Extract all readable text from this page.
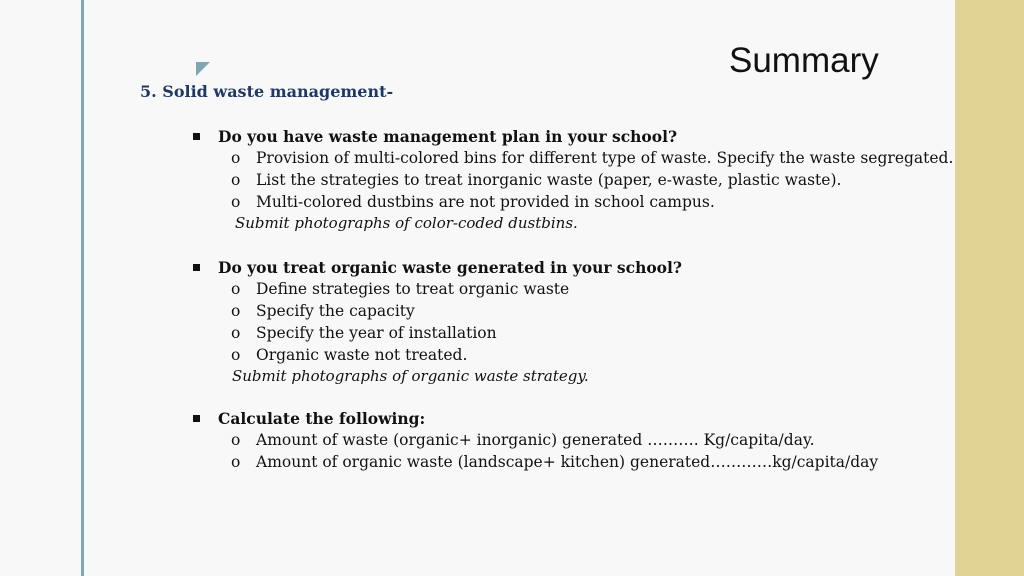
Summary
5. Solid waste management-
Do you have waste management plan in your school?
o Provision of multi-colored bins for different type of waste. Specify the waste segregated.
o List the strategies to treat inorganic waste (paper, e-waste, plastic waste).
o Multi-colored dustbins are not provided in school campus.
Submit photographs of color-coded dustbins.
Do you treat organic waste generated in your school?
o Define strategies to treat organic waste
o Specify the capacity
o Specify the year of installation
o Organic waste not treated.
Submit photographs of organic waste strategy.
Calculate the following:
o Amount of waste (organic+ inorganic) generated ………. Kg/capita/day.
o Amount of organic waste (landscape+ kitchen) generated…………kg/capita/day
